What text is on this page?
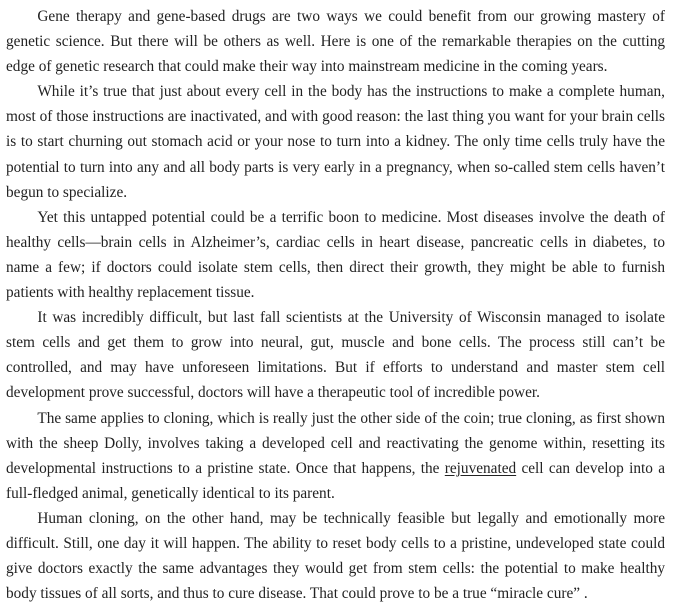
Gene therapy and gene-based drugs are two ways we could benefit from our growing mastery of genetic science. But there will be others as well. Here is one of the remarkable therapies on the cutting edge of genetic research that could make their way into mainstream medicine in the coming years.

While it’s true that just about every cell in the body has the instructions to make a complete human, most of those instructions are inactivated, and with good reason: the last thing you want for your brain cells is to start churning out stomach acid or your nose to turn into a kidney. The only time cells truly have the potential to turn into any and all body parts is very early in a pregnancy, when so-called stem cells haven’t begun to specialize.

Yet this untapped potential could be a terrific boon to medicine. Most diseases involve the death of healthy cells—brain cells in Alzheimer’s, cardiac cells in heart disease, pancreatic cells in diabetes, to name a few; if doctors could isolate stem cells, then direct their growth, they might be able to furnish patients with healthy replacement tissue.

It was incredibly difficult, but last fall scientists at the University of Wisconsin managed to isolate stem cells and get them to grow into neural, gut, muscle and bone cells. The process still can’t be controlled, and may have unforeseen limitations. But if efforts to understand and master stem cell development prove successful, doctors will have a therapeutic tool of incredible power.

The same applies to cloning, which is really just the other side of the coin; true cloning, as first shown with the sheep Dolly, involves taking a developed cell and reactivating the genome within, resetting its developmental instructions to a pristine state. Once that happens, the rejuvenated cell can develop into a full-fledged animal, genetically identical to its parent.

Human cloning, on the other hand, may be technically feasible but legally and emotionally more difficult. Still, one day it will happen. The ability to reset body cells to a pristine, undeveloped state could give doctors exactly the same advantages they would get from stem cells: the potential to make healthy body tissues of all sorts, and thus to cure disease. That could prove to be a true “miracle cure” .
